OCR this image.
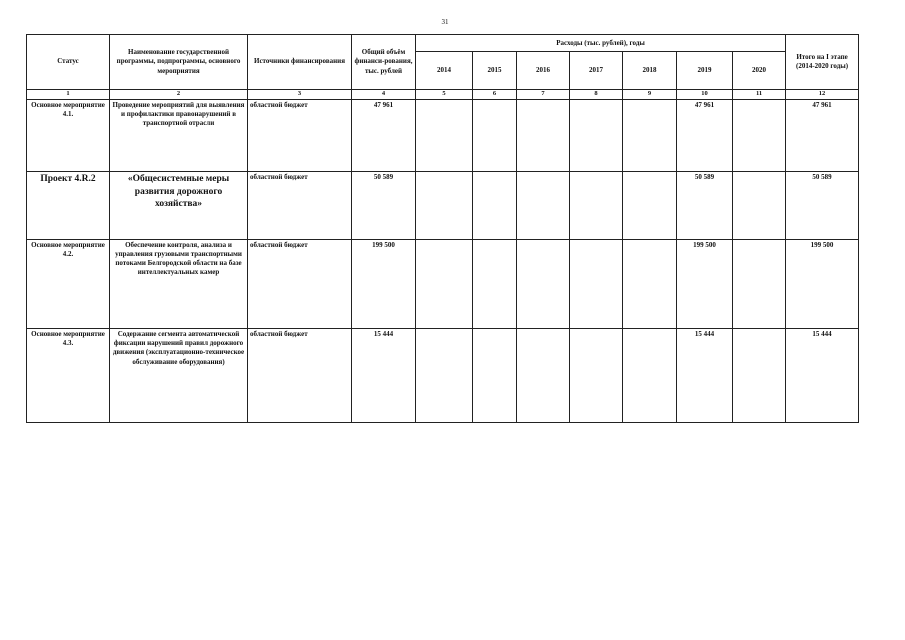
31
Статус	Наименование государственной программы, подпрограммы, основного мероприятия	Источники финансирования	Общий объём финанси-рования, тыс. рублей	Расходы (тыс. рублей), годы							Итого на I этапе (2014-2020 годы)
				2014	2015	2016	2017	2018	2019	2020	
1	2	3	4	5	6	7	8	9	10	11	12
Основное мероприятие 4.1.	Проведение мероприятий для выявления и профилактики правонарушений в транспортной отрасли	областной бюджет	47 961						47 961		47 961
Проект 4.R.2	«Общесистемные меры развития дорожного хозяйства»	областной бюджет	50 589						50 589		50 589
Основное мероприятие 4.2.	Обеспечение контроля, анализа и управления грузовыми транспортными потоками Белгородской области на базе интеллектуальных камер	областной бюджет	199 500						199 500		199 500
Основное мероприятие 4.3.	Содержание сегмента автоматической фиксации нарушений правил дорожного движения (эксплуатационно-техническое обслуживание оборудования)	областной бюджет	15 444						15 444		15 444
